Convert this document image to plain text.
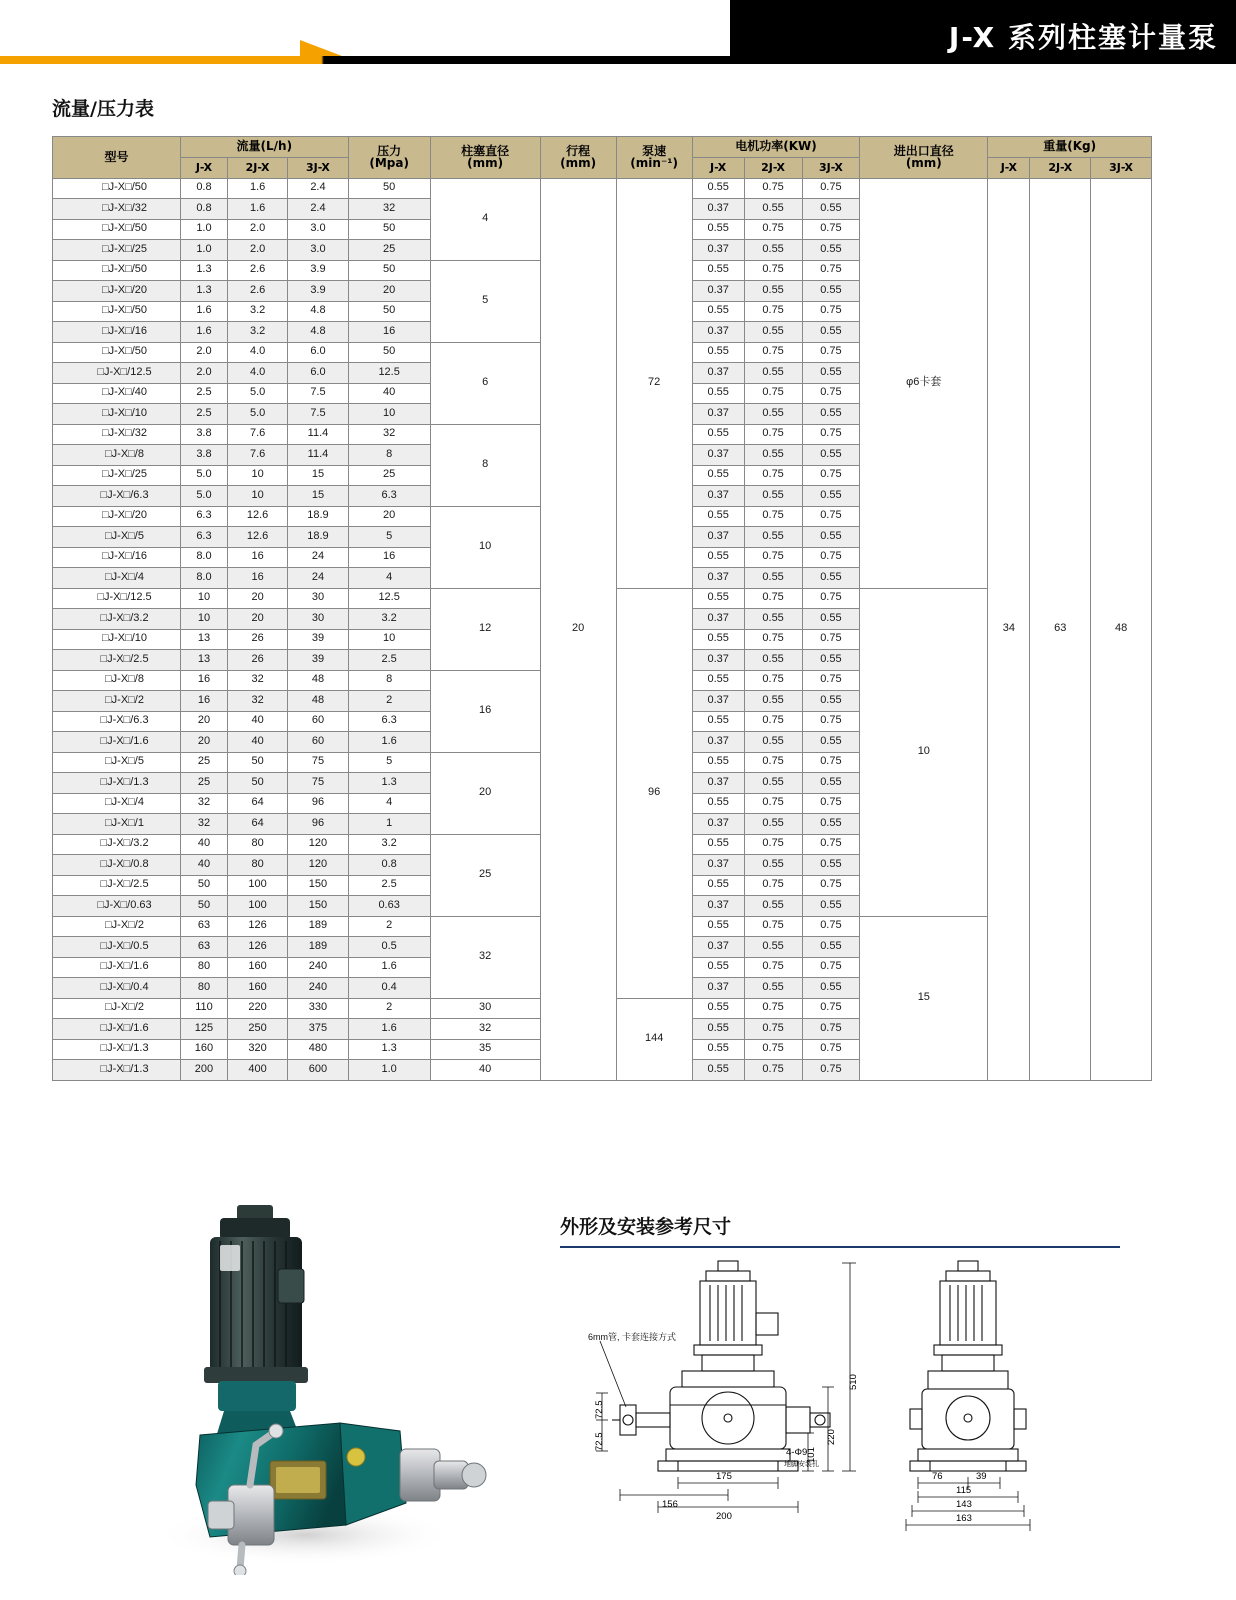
J-X 系列柱塞计量泵
流量/压力表
型号	流量(L/h)	压力
(Mpa)

柱塞直径
(mm)

行程
(mm)

泵速
(min⁻¹)
	电机功率(KW)	进出口直径
(mm)
	重量(Kg)
	J-X	2J-X	3J-X					J-X	2J-X	3J-X		J-X	2J-X	3J-X
□J-X□/50	0.8	1.6	2.4	50	4	20	72	0.55	0.75	0.75	φ6卡套	34	63	48
□J-X□/32	0.8	1.6	2.4	32				0.37	0.55	0.55				
□J-X□/50	1.0	2.0	3.0	50				0.55	0.75	0.75				
□J-X□/25	1.0	2.0	3.0	25				0.37	0.55	0.55				
□J-X□/50	1.3	2.6	3.9	50	5			0.55	0.75	0.75				
□J-X□/20	1.3	2.6	3.9	20				0.37	0.55	0.55				
□J-X□/50	1.6	3.2	4.8	50				0.55	0.75	0.75				
□J-X□/16	1.6	3.2	4.8	16				0.37	0.55	0.55				
□J-X□/50	2.0	4.0	6.0	50	6			0.55	0.75	0.75				
□J-X□/12.5	2.0	4.0	6.0	12.5				0.37	0.55	0.55				
□J-X□/40	2.5	5.0	7.5	40				0.55	0.75	0.75				
□J-X□/10	2.5	5.0	7.5	10				0.37	0.55	0.55				
□J-X□/32	3.8	7.6	11.4	32	8			0.55	0.75	0.75				
□J-X□/8	3.8	7.6	11.4	8				0.37	0.55	0.55				
□J-X□/25	5.0	10	15	25				0.55	0.75	0.75				
□J-X□/6.3	5.0	10	15	6.3				0.37	0.55	0.55				
□J-X□/20	6.3	12.6	18.9	20	10			0.55	0.75	0.75				
□J-X□/5	6.3	12.6	18.9	5				0.37	0.55	0.55				
□J-X□/16	8.0	16	24	16				0.55	0.75	0.75				
□J-X□/4	8.0	16	24	4				0.37	0.55	0.55				
□J-X□/12.5	10	20	30	12.5	12		96	0.55	0.75	0.75	10			
□J-X□/3.2	10	20	30	3.2				0.37	0.55	0.55				
□J-X□/10	13	26	39	10				0.55	0.75	0.75				
□J-X□/2.5	13	26	39	2.5				0.37	0.55	0.55				
□J-X□/8	16	32	48	8	16			0.55	0.75	0.75				
□J-X□/2	16	32	48	2				0.37	0.55	0.55				
□J-X□/6.3	20	40	60	6.3				0.55	0.75	0.75				
□J-X□/1.6	20	40	60	1.6				0.37	0.55	0.55				
□J-X□/5	25	50	75	5	20			0.55	0.75	0.75				
□J-X□/1.3	25	50	75	1.3				0.37	0.55	0.55				
□J-X□/4	32	64	96	4				0.55	0.75	0.75				
□J-X□/1	32	64	96	1				0.37	0.55	0.55				
□J-X□/3.2	40	80	120	3.2	25			0.55	0.75	0.75				
□J-X□/0.8	40	80	120	0.8				0.37	0.55	0.55				
□J-X□/2.5	50	100	150	2.5				0.55	0.75	0.75				
□J-X□/0.63	50	100	150	0.63				0.37	0.55	0.55				
□J-X□/2	63	126	189	2	32			0.55	0.75	0.75	15			
□J-X□/0.5	63	126	189	0.5				0.37	0.55	0.55				
□J-X□/1.6	80	160	240	1.6				0.55	0.75	0.75				
□J-X□/0.4	80	160	240	0.4				0.37	0.55	0.55				
□J-X□/2	110	220	330	2	30		144	0.55	0.75	0.75				
□J-X□/1.6	125	250	375	1.6	32			0.55	0.75	0.75				
□J-X□/1.3	160	320	480	1.3	35			0.55	0.75	0.75				
□J-X□/1.3	200	400	600	1.0	40			0.55	0.75	0.75				
外形及安装参考尺寸
6mm管, 卡套连接方式
510
220
101
72.5
72.5
156
175
200
4-Φ9
地脚安装孔
76	39
115
143
163
